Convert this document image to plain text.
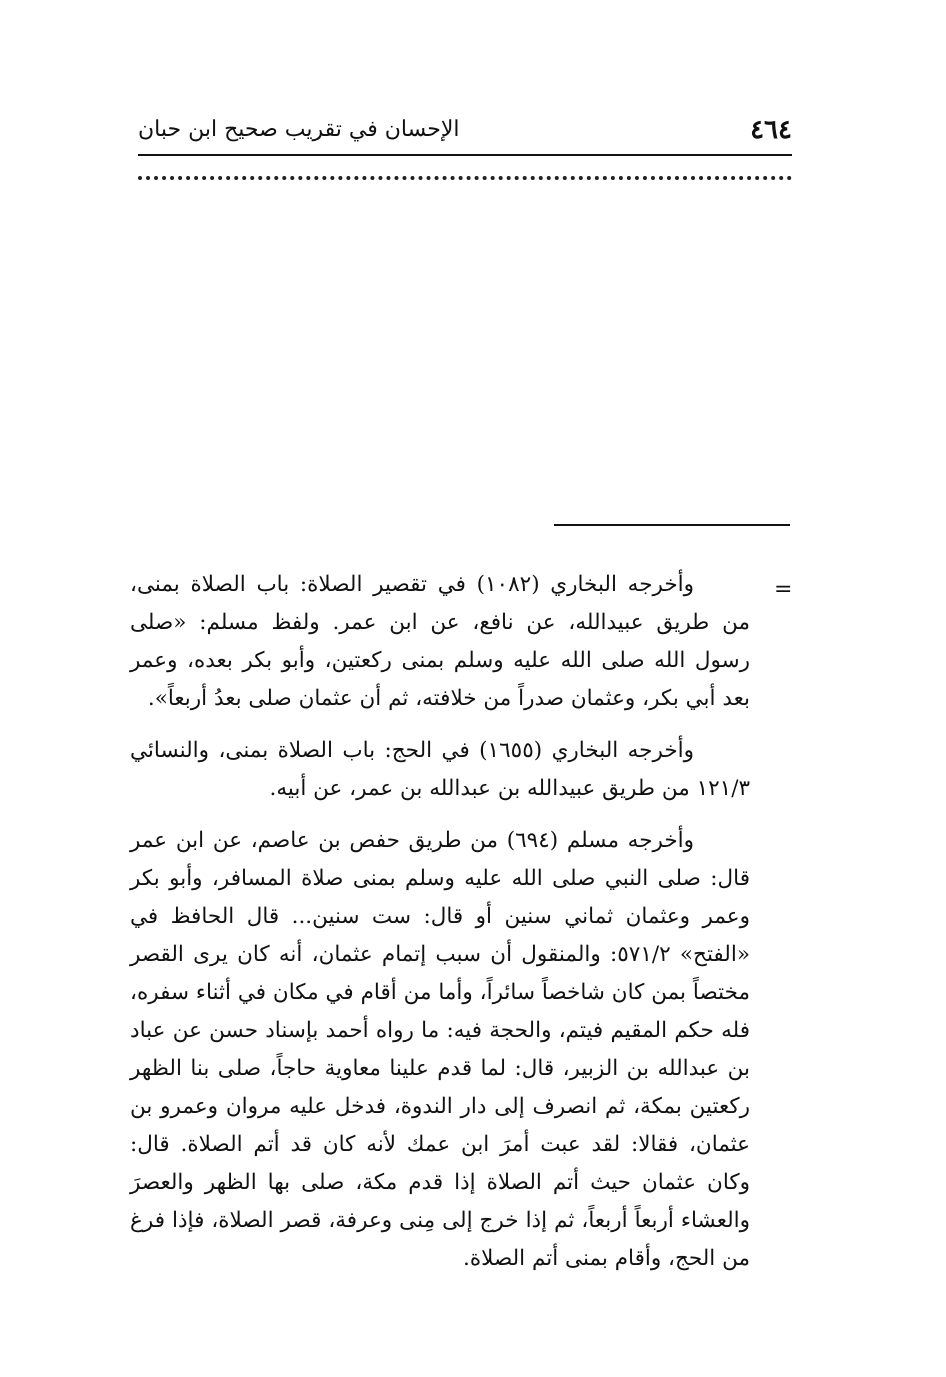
٤٦٤
الإحسان في تقريب صحيح ابن حبان
=

وأخرجه البخاري (١٠٨٢) في تقصير الصلاة: باب الصلاة بمنى، من طريق عبيدالله، عن نافع، عن ابن عمر. ولفظ مسلم: «صلى رسول الله صلى الله عليه وسلم بمنى ركعتين، وأبو بكر بعده، وعمر بعد أبي بكر، وعثمان صدراً من خلافته، ثم أن عثمان صلى بعدُ أربعاً».

وأخرجه البخاري (١٦٥٥) في الحج: باب الصلاة بمنى، والنسائي ١٢١/٣ من طريق عبيدالله بن عبدالله بن عمر، عن أبيه.

وأخرجه مسلم (٦٩٤) من طريق حفص بن عاصم، عن ابن عمر قال: صلى النبي صلى الله عليه وسلم بمنى صلاة المسافر، وأبو بكر وعمر وعثمان ثماني سنين أو قال: ست سنين... قال الحافظ في «الفتح» ٥٧١/٢: والمنقول أن سبب إتمام عثمان، أنه كان يرى القصر مختصاً بمن كان شاخصاً سائراً، وأما من أقام في مكان في أثناء سفره، فله حكم المقيم فيتم، والحجة فيه: ما رواه أحمد بإسناد حسن عن عباد بن عبدالله بن الزبير، قال: لما قدم علينا معاوية حاجاً، صلى بنا الظهر ركعتين بمكة، ثم انصرف إلى دار الندوة، فدخل عليه مروان وعمرو بن عثمان، فقالا: لقد عبت أمرَ ابن عمك لأنه كان قد أتم الصلاة. قال: وكان عثمان حيث أتم الصلاة إذا قدم مكة، صلى بها الظهر والعصرَ والعشاء أربعاً أربعاً، ثم إذا خرج إلى مِنى وعرفة، قصر الصلاة، فإذا فرغ من الحج، وأقام بمنى أتم الصلاة.
